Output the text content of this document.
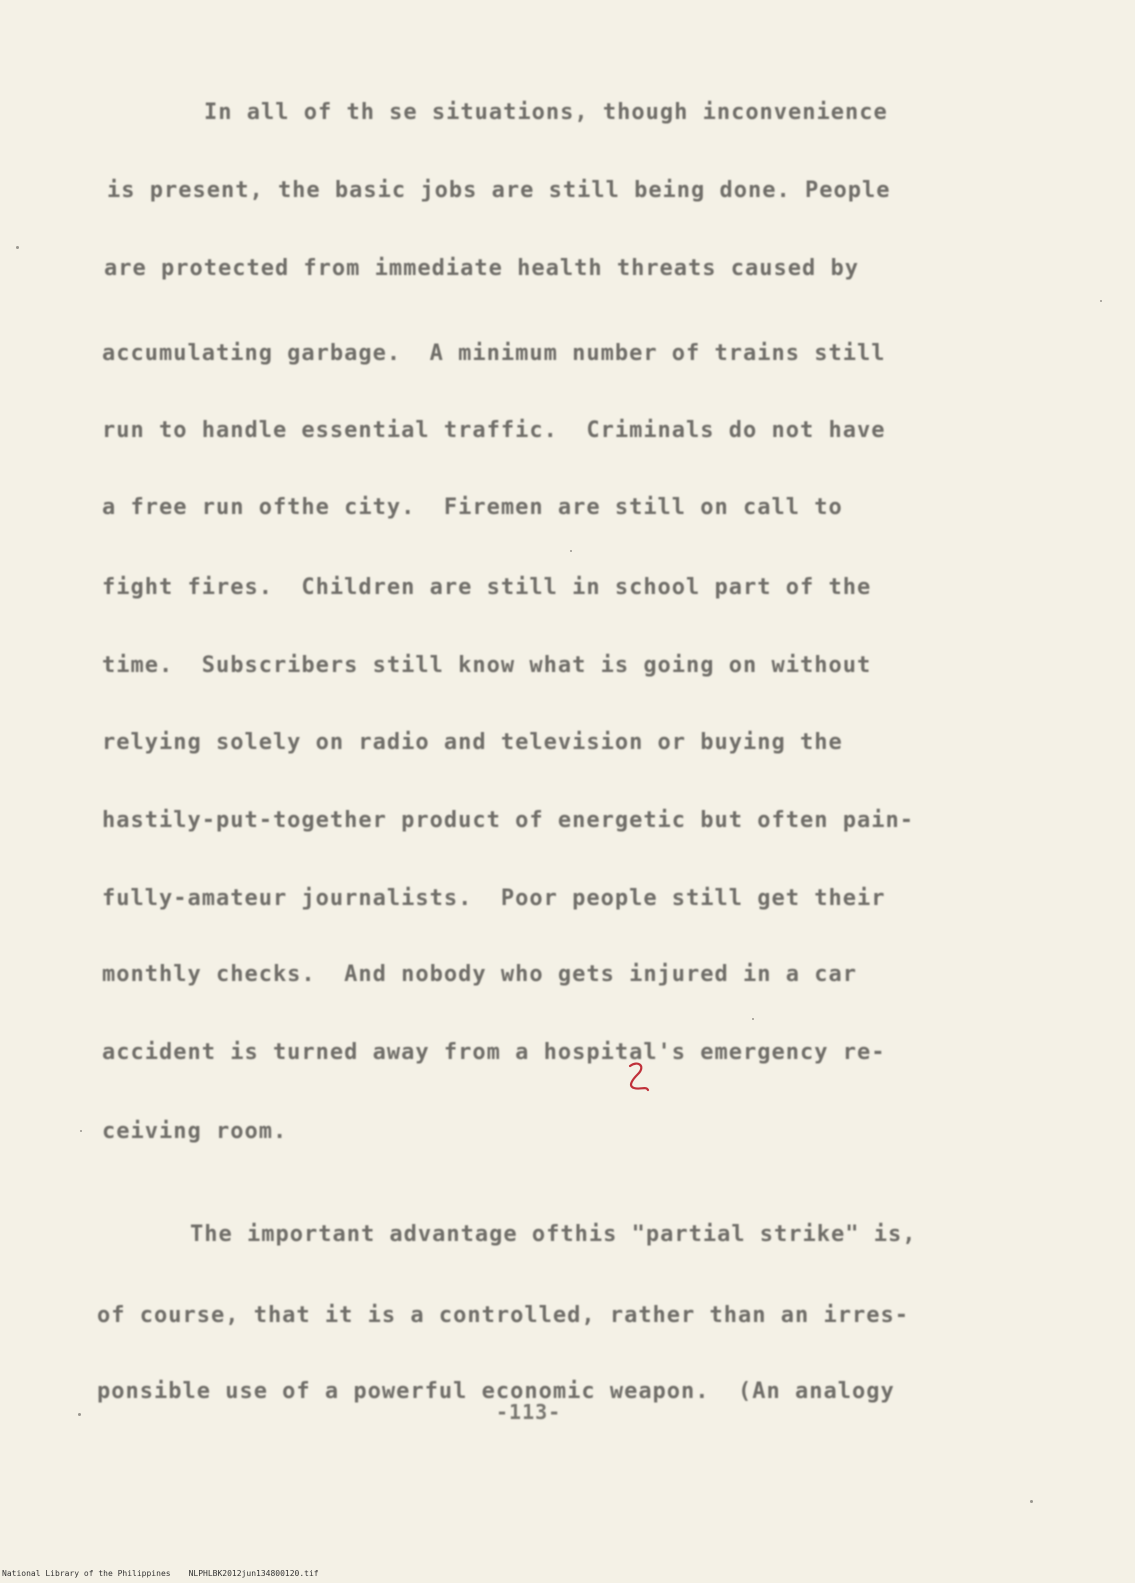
In all of th se situations, though inconvenience
is present, the basic jobs are still being done. People
are protected from immediate health threats caused by
accumulating garbage.  A minimum number of trains still
run to handle essential traffic.  Criminals do not have
a free run ofthe city.  Firemen are still on call to
fight fires.  Children are still in school part of the
time.  Subscribers still know what is going on without
relying solely on radio and television or buying the
hastily-put-together product of energetic but often pain-
fully-amateur journalists.  Poor people still get their
monthly checks.  And nobody who gets injured in a car
accident is turned away from a hospital's emergency re-
ceiving room.
The important advantage ofthis "partial strike" is,
of course, that it is a controlled, rather than an irres-
ponsible use of a powerful economic weapon.  (An analogy
-113-
National Library of the Philippines NLPHLBK2012jun134800120.tif
